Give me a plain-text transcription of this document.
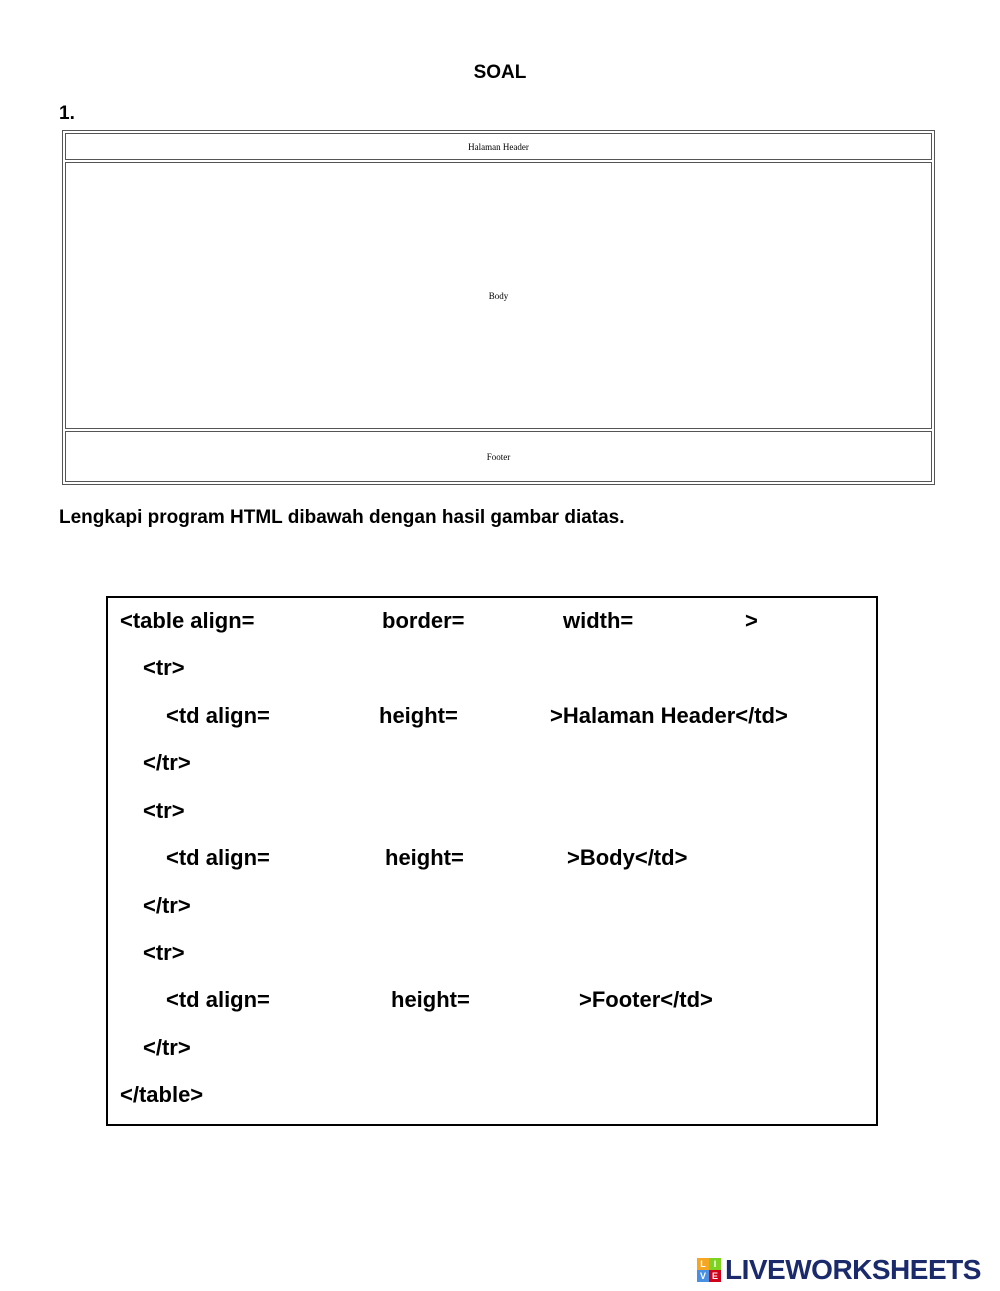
SOAL
1.
Halaman Header
Body
Footer
Lengkapi program HTML dibawah dengan hasil gambar diatas.
<table align=	border=	width=	>
<tr>
<td align=	height=	>Halaman Header</td>
</tr>
<tr>
<td align=	height=	>Body</td>
</tr>
<tr>
<td align=	height=	>Footer</td>
</tr>
</table>
L I
V E LIVEWORKSHEETS
